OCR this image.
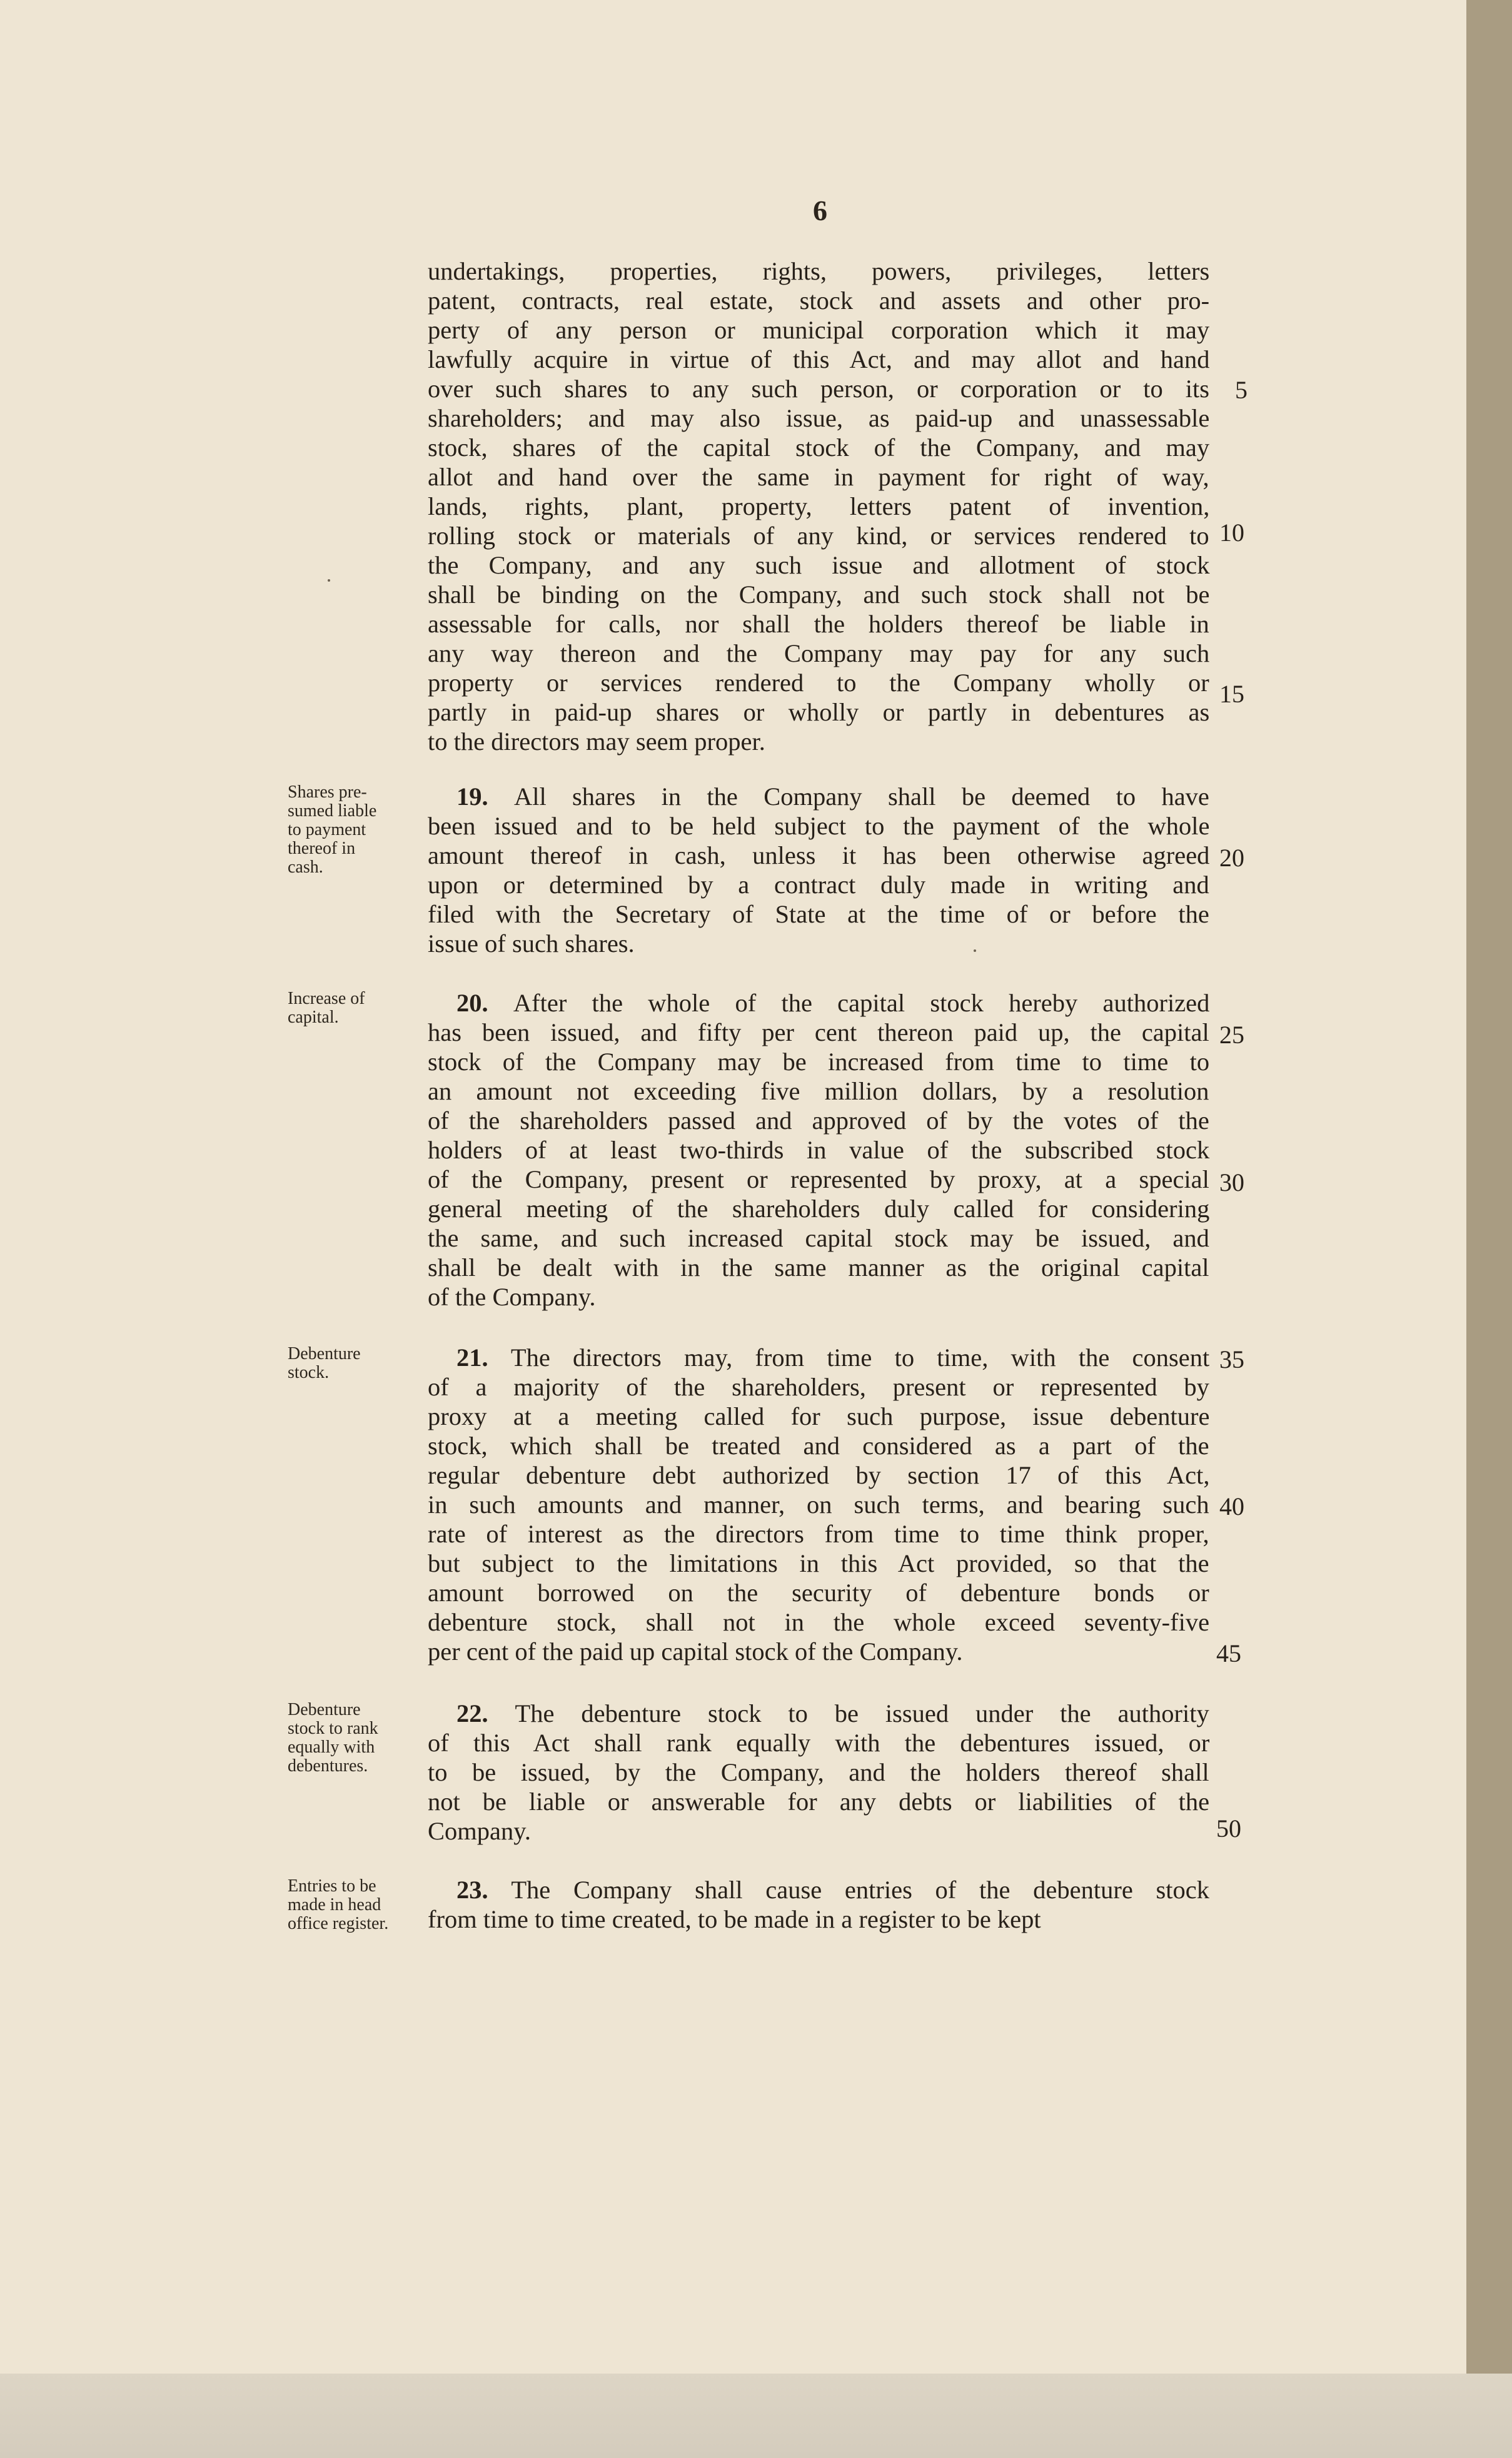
6
undertakings, properties, rights, powers, privileges, letters
patent, contracts, real estate, stock and assets and other pro-
perty of any person or municipal corporation which it may
lawfully acquire in virtue of this Act, and may allot and hand
over such shares to any such person, or corporation or to its
shareholders; and may also issue, as paid-up and unassessable
stock, shares of the capital stock of the Company, and may
allot and hand over the same in payment for right of way,
lands, rights, plant, property, letters patent of invention,
rolling stock or materials of any kind, or services rendered to
the Company, and any such issue and allotment of stock
shall be binding on the Company, and such stock shall not be
assessable for calls, nor shall the holders thereof be liable in
any way thereon and the Company may pay for any such
property or services rendered to the Company wholly or
partly in paid-up shares or wholly or partly in debentures as
to the directors may seem proper.
19. All shares in the Company shall be deemed to have
been issued and to be held subject to the payment of the whole
amount thereof in cash, unless it has been otherwise agreed
upon or determined by a contract duly made in writing and
filed with the Secretary of State at the time of or before the
issue of such shares.
Shares pre-
sumed liable
to payment
thereof in
cash.
20. After the whole of the capital stock hereby authorized
has been issued, and fifty per cent thereon paid up, the capital
stock of the Company may be increased from time to time to
an amount not exceeding five million dollars, by a resolution
of the shareholders passed and approved of by the votes of the
holders of at least two-thirds in value of the subscribed stock
of the Company, present or represented by proxy, at a special
general meeting of the shareholders duly called for considering
the same, and such increased capital stock may be issued, and
shall be dealt with in the same manner as the original capital
of the Company.
Increase of
capital.
21. The directors may, from time to time, with the consent
of a majority of the shareholders, present or represented by
proxy at a meeting called for such purpose, issue debenture
stock, which shall be treated and considered as a part of the
regular debenture debt authorized by section 17 of this Act,
in such amounts and manner, on such terms, and bearing such
rate of interest as the directors from time to time think proper,
but subject to the limitations in this Act provided, so that the
amount borrowed on the security of debenture bonds or
debenture stock, shall not in the whole exceed seventy-five
per cent of the paid up capital stock of the Company.
Debenture
stock.
22. The debenture stock to be issued under the authority
of this Act shall rank equally with the debentures issued, or
to be issued, by the Company, and the holders thereof shall
not be liable or answerable for any debts or liabilities of the
Company.
Debenture
stock to rank
equally with
debentures.
23. The Company shall cause entries of the debenture stock
from time to time created, to be made in a register to be kept
Entries to be
made in head
office register.
5
10
15
20
25
30
35
40
45
50
